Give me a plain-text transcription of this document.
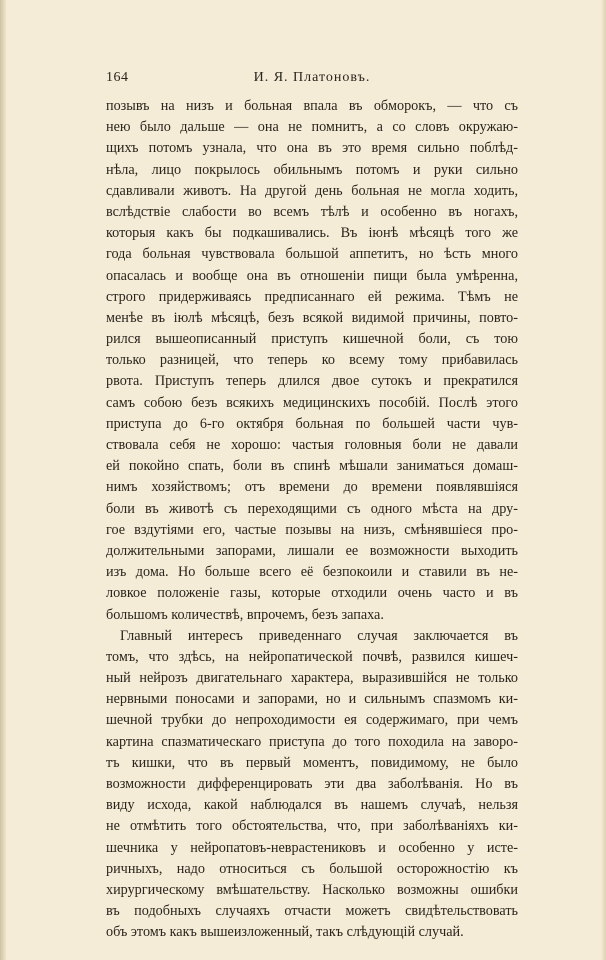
164	И. Я. Платоновъ.
позывъ на низъ и больная впала въ обморокъ, — что съ
нею было дальше — она не помнитъ, а со словъ окружаю-
щихъ потомъ узнала, что она въ это время сильно поблѣд-
нѣла, лицо покрылось обильнымъ потомъ и руки сильно
сдавливали животъ. На другой день больная не могла ходить,
вслѣдствіе слабости во всемъ тѣлѣ и особенно въ ногахъ,
которыя какъ бы подкашивались. Въ іюнѣ мѣсяцѣ того же
года больная чувствовала большой аппетитъ, но ѣсть много
опасалась и вообще она въ отношеніи пищи была умѣренна,
строго придерживаясь предписаннаго ей режима. Тѣмъ не
менѣе въ іюлѣ мѣсяцѣ, безъ всякой видимой причины, повто-
рился вышеописанный приступъ кишечной боли, съ тою
только разницей, что теперь ко всему тому прибавилась
рвота. Приступъ теперь длился двое сутокъ и прекратился
самъ собою безъ всякихъ медицинскихъ пособій. Послѣ этого
приступа до 6-го октября больная по большей части чув-
ствовала себя не хорошо: частыя головныя боли не давали
ей покойно спать, боли въ спинѣ мѣшали заниматься домаш-
нимъ хозяйствомъ; отъ времени до времени появлявшіяся
боли въ животѣ съ переходящими съ одного мѣста на дру-
гое вздутіями его, частые позывы на низъ, смѣнявшіеся про-
должительными запорами, лишали ее возможности выходить
изъ дома. Но больше всего её безпокоили и ставили въ не-
ловкое положеніе газы, которые отходили очень часто и въ
большомъ количествѣ, впрочемъ, безъ запаха.
Главный интересъ приведеннаго случая заключается въ
томъ, что здѣсь, на нейропатической почвѣ, развился кишеч-
ный нейрозъ двигательнаго характера, выразившійся не только
нервными поносами и запорами, но и сильнымъ спазмомъ ки-
шечной трубки до непроходимости ея содержимаго, при чемъ
картина спазматическаго приступа до того походила на заворо-
тъ кишки, что въ первый моментъ, повидимому, не было
возможности дифференцировать эти два заболѣванія. Но въ
виду исхода, какой наблюдался въ нашемъ случаѣ, нельзя
не отмѣтить того обстоятельства, что, при заболѣваніяхъ ки-
шечника у нейропатовъ-неврастениковъ и особенно у исте-
ричныхъ, надо относиться съ большой осторожностію къ
хирургическому вмѣшательству. Насколько возможны ошибки
въ подобныхъ случаяхъ отчасти можетъ свидѣтельствовать
объ этомъ какъ вышеизложенный, такъ слѣдующій случай.
